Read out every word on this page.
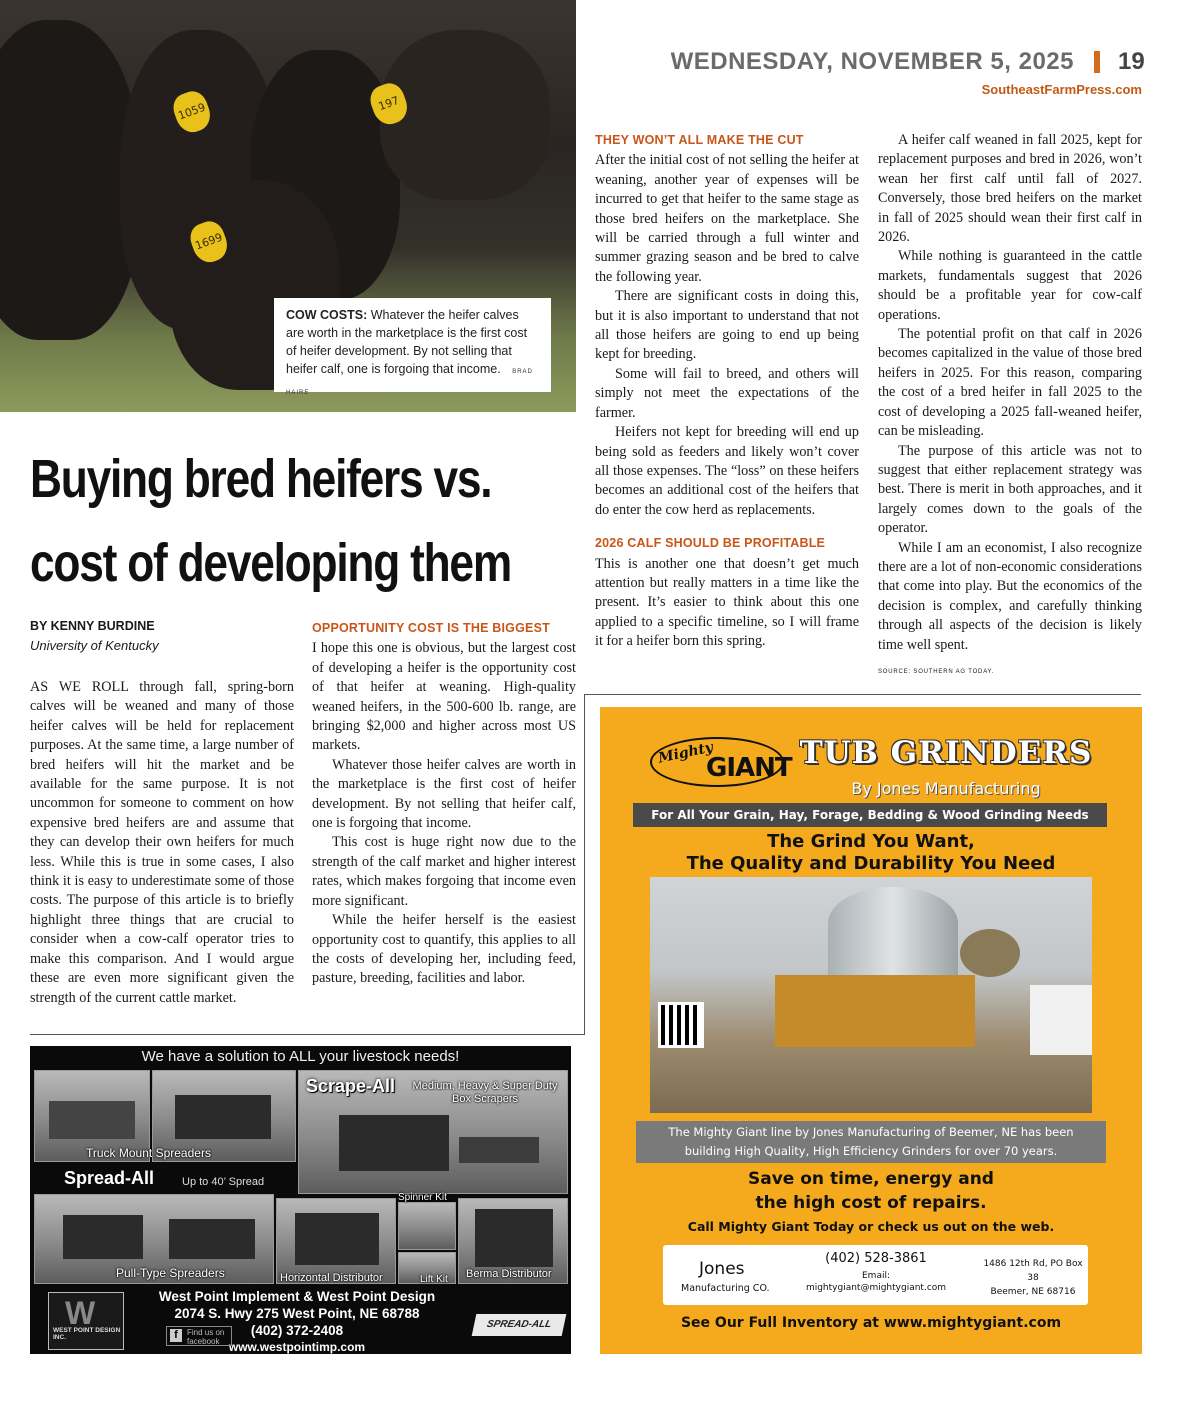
1059	197
1699
COW COSTS: Whatever the heifer calves are worth in the marketplace is the first cost of heifer development. By not selling that heifer calf, one is forgoing that income. BRAD HAIRE
WEDNESDAY, NOVEMBER 5, 2025 19
SoutheastFarmPress.com
Buying bred heifers vs.
cost of developing them
BY KENNY BURDINE
University of Kentucky

AS WE ROLL through fall, spring-born calves will be weaned and many of those heifer calves will be held for replacement purposes. At the same time, a large number of bred heifers will hit the market and be available for the same purpose. It is not uncommon for someone to comment on how expensive bred heifers are and assume that they can develop their own heifers for much less. While this is true in some cases, I also think it is easy to underestimate some of those costs. The purpose of this article is to briefly highlight three things that are crucial to consider when a cow-calf operator tries to make this comparison. And I would argue these are even more significant given the strength of the current cattle market.

OPPORTUNITY COST IS THE BIGGEST

I hope this one is obvious, but the largest cost of developing a heifer is the opportunity cost of that heifer at weaning. High-quality weaned heifers, in the 500-600 lb. range, are bringing $2,000 and higher across most US markets.

Whatever those heifer calves are worth in the marketplace is the first cost of heifer development. By not selling that heifer calf, one is forgoing that income.

This cost is huge right now due to the strength of the calf market and higher interest rates, which makes forgoing that income even more significant.

While the heifer herself is the easiest opportunity cost to quantify, this applies to all the costs of developing her, including feed, pasture, breeding, facilities and labor.

THEY WON’T ALL MAKE THE CUT

After the initial cost of not selling the heifer at weaning, another year of expenses will be incurred to get that heifer to the same stage as those bred heifers on the marketplace. She will be carried through a full winter and summer grazing season and be bred to calve the following year.

There are significant costs in doing this, but it is also important to understand that not all those heifers are going to end up being kept for breeding.

Some will fail to breed, and others will simply not meet the expectations of the farmer.

Heifers not kept for breeding will end up being sold as feeders and likely won’t cover all those expenses. The “loss” on these heifers becomes an additional cost of the heifers that do enter the cow herd as replacements.

2026 CALF SHOULD BE PROFITABLE

This is another one that doesn’t get much attention but really matters in a time like the present. It’s easier to think about this one applied to a specific timeline, so I will frame it for a heifer born this spring.

A heifer calf weaned in fall 2025, kept for replacement purposes and bred in 2026, won’t wean her first calf until fall of 2027. Conversely, those bred heifers on the market in fall of 2025 should wean their first calf in 2026.

While nothing is guaranteed in the cattle markets, fundamentals suggest that 2026 should be a profitable year for cow-calf operations.

The potential profit on that calf in 2026 becomes capitalized in the value of those bred heifers in 2025. For this reason, comparing the cost of a bred heifer in fall 2025 to the cost of developing a 2025 fall-weaned heifer, can be misleading.

The purpose of this article was not to suggest that either replacement strategy was best. There is merit in both approaches, and it largely comes down to the goals of the operator.

While I am an economist, I also recognize there are a lot of non-economic considerations that come into play. But the economics of the decision is complex, and carefully thinking through all aspects of the decision is likely time well spent.

SOURCE: SOUTHERN AG TODAY.

We have a solution to ALL your livestock needs!
Truck Mount Spreaders
Scrape-All Medium, Heavy & Super Duty Box Scrapers
Spread-All	Up to 40’ Spread
Pull-Type Spreaders	Horizontal Distributor
Spinner Kit
Lift Kit Berma Distributor
W
WEST POINT DESIGN INC.
West Point Implement & West Point Design
2074 S. Hwy 275 West Point, NE 68788
(402) 372-2408
www.westpointimp.com
f	Find us on facebook
SPREAD-ALL
Mighty
GIANT TUB GRINDERS
By Jones Manufacturing
For All Your Grain, Hay, Forage, Bedding & Wood Grinding Needs
The Grind You Want,
The Quality and Durability You Need
The Mighty Giant line by Jones Manufacturing of Beemer, NE has been
building High Quality, High Efficiency Grinders for over 70 years.
Save on time, energy and
the high cost of repairs.
Call Mighty Giant Today or check us out on the web.
Jones
Manufacturing CO.
(402) 528-3861
Email:
mightygiant@mightygiant.com
1486 12th Rd, PO Box 38
Beemer, NE 68716
See Our Full Inventory at www.mightygiant.com
